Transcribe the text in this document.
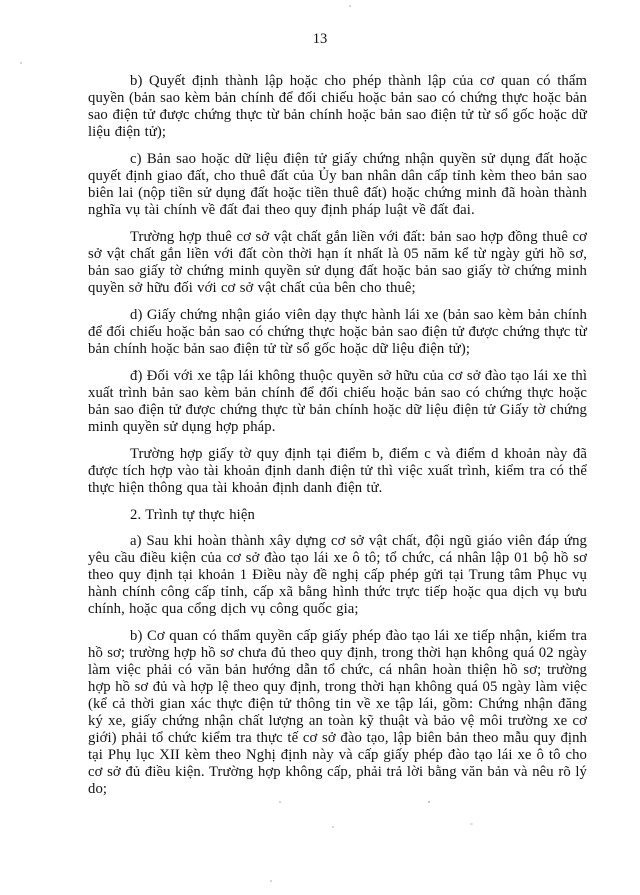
13

b) Quyết định thành lập hoặc cho phép thành lập của cơ quan có thẩm quyền (bản sao kèm bản chính để đối chiếu hoặc bản sao có chứng thực hoặc bản sao điện tử được chứng thực từ bản chính hoặc bản sao điện tử từ sổ gốc hoặc dữ liệu điện tử);

c) Bản sao hoặc dữ liệu điện tử giấy chứng nhận quyền sử dụng đất hoặc quyết định giao đất, cho thuê đất của Ủy ban nhân dân cấp tỉnh kèm theo bản sao biên lai (nộp tiền sử dụng đất hoặc tiền thuê đất) hoặc chứng minh đã hoàn thành nghĩa vụ tài chính về đất đai theo quy định pháp luật về đất đai.

Trường hợp thuê cơ sở vật chất gắn liền với đất: bản sao hợp đồng thuê cơ sở vật chất gắn liền với đất còn thời hạn ít nhất là 05 năm kể từ ngày gửi hồ sơ, bản sao giấy tờ chứng minh quyền sử dụng đất hoặc bản sao giấy tờ chứng minh quyền sở hữu đối với cơ sở vật chất của bên cho thuê;

d) Giấy chứng nhận giáo viên dạy thực hành lái xe (bản sao kèm bản chính để đối chiếu hoặc bản sao có chứng thực hoặc bản sao điện tử được chứng thực từ bản chính hoặc bản sao điện tử từ sổ gốc hoặc dữ liệu điện tử);

đ) Đối với xe tập lái không thuộc quyền sở hữu của cơ sở đào tạo lái xe thì xuất trình bản sao kèm bản chính để đối chiếu hoặc bản sao có chứng thực hoặc bản sao điện tử được chứng thực từ bản chính hoặc dữ liệu điện tử Giấy tờ chứng minh quyền sử dụng hợp pháp.

Trường hợp giấy tờ quy định tại điểm b, điểm c và điểm d khoản này đã được tích hợp vào tài khoản định danh điện tử thì việc xuất trình, kiểm tra có thể thực hiện thông qua tài khoản định danh điện tử.

2. Trình tự thực hiện

a) Sau khi hoàn thành xây dựng cơ sở vật chất, đội ngũ giáo viên đáp ứng yêu cầu điều kiện của cơ sở đào tạo lái xe ô tô; tổ chức, cá nhân lập 01 bộ hồ sơ theo quy định tại khoản 1 Điều này đề nghị cấp phép gửi tại Trung tâm Phục vụ hành chính công cấp tỉnh, cấp xã bằng hình thức trực tiếp hoặc qua dịch vụ bưu chính, hoặc qua cổng dịch vụ công quốc gia;

b) Cơ quan có thẩm quyền cấp giấy phép đào tạo lái xe tiếp nhận, kiểm tra hồ sơ; trường hợp hồ sơ chưa đủ theo quy định, trong thời hạn không quá 02 ngày làm việc phải có văn bản hướng dẫn tổ chức, cá nhân hoàn thiện hồ sơ; trường hợp hồ sơ đủ và hợp lệ theo quy định, trong thời hạn không quá 05 ngày làm việc (kể cả thời gian xác thực điện tử thông tin về xe tập lái, gồm: Chứng nhận đăng ký xe, giấy chứng nhận chất lượng an toàn kỹ thuật và bảo vệ môi trường xe cơ giới) phải tổ chức kiểm tra thực tế cơ sở đào tạo, lập biên bản theo mẫu quy định tại Phụ lục XII kèm theo Nghị định này và cấp giấy phép đào tạo lái xe ô tô cho cơ sở đủ điều kiện. Trường hợp không cấp, phải trả lời bằng văn bản và nêu rõ lý do;
